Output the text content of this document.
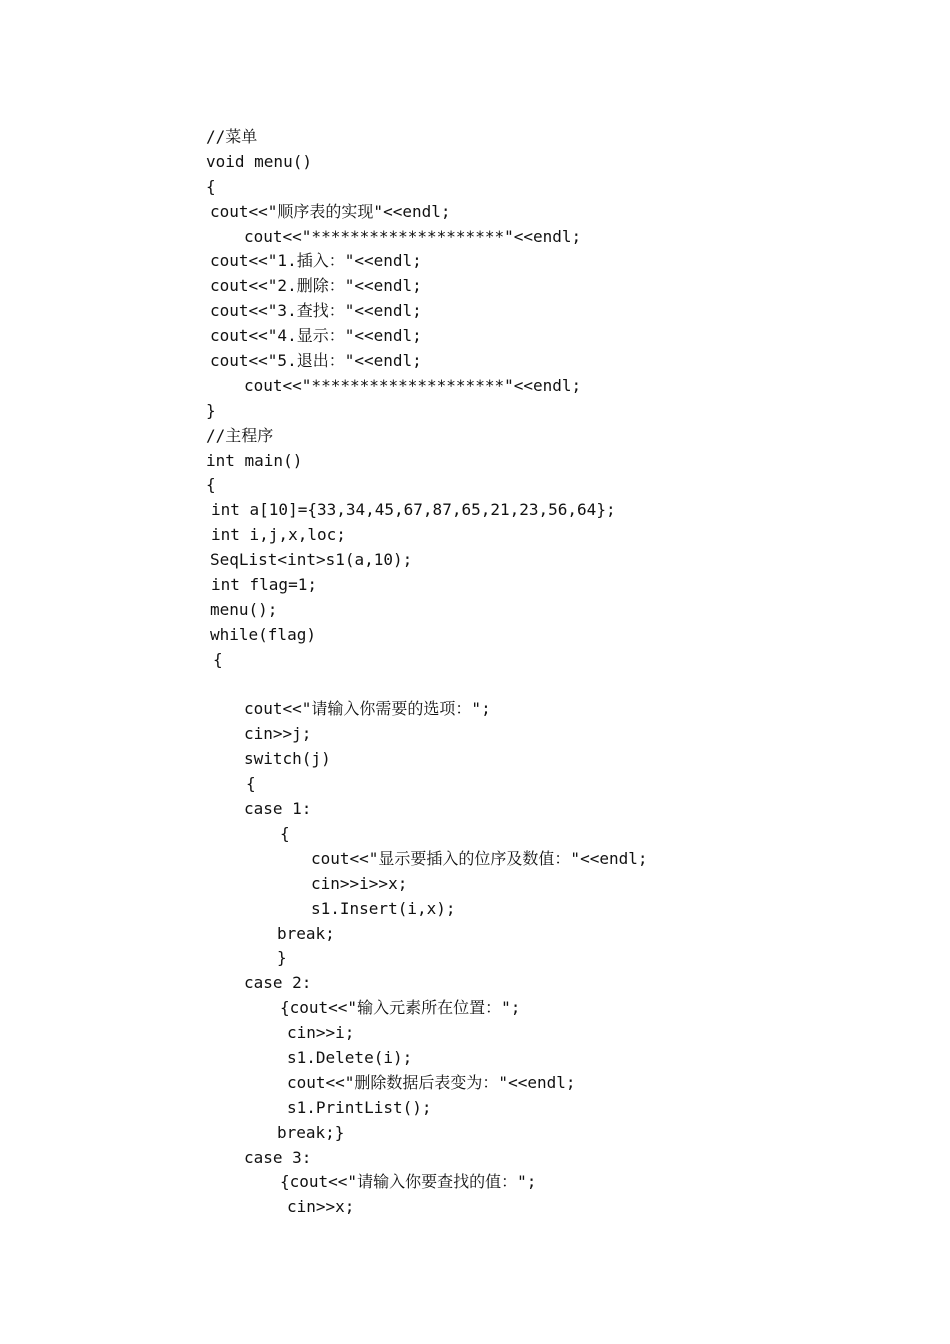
//菜单
void menu()
{
cout<<"顺序表的实现"<<endl;
cout<<"********************"<<endl;
cout<<"1.插入："<<endl;
cout<<"2.删除："<<endl;
cout<<"3.查找："<<endl;
cout<<"4.显示："<<endl;
cout<<"5.退出："<<endl;
cout<<"********************"<<endl;
}
//主程序
int main()
{
int a[10]={33,34,45,67,87,65,21,23,56,64};
int i,j,x,loc;
SeqList<int>s1(a,10);
int flag=1;
menu();
while(flag)
{
cout<<"请输入你需要的选项：";
cin>>j;
switch(j)
{
case 1:
{
cout<<"显示要插入的位序及数值："<<endl;
cin>>i>>x;
s1.Insert(i,x);
break;
}
case 2:
{cout<<"输入元素所在位置：";
cin>>i;
s1.Delete(i);
cout<<"删除数据后表变为："<<endl;
s1.PrintList();
break;}
case 3:
{cout<<"请输入你要查找的值：";
cin>>x;
